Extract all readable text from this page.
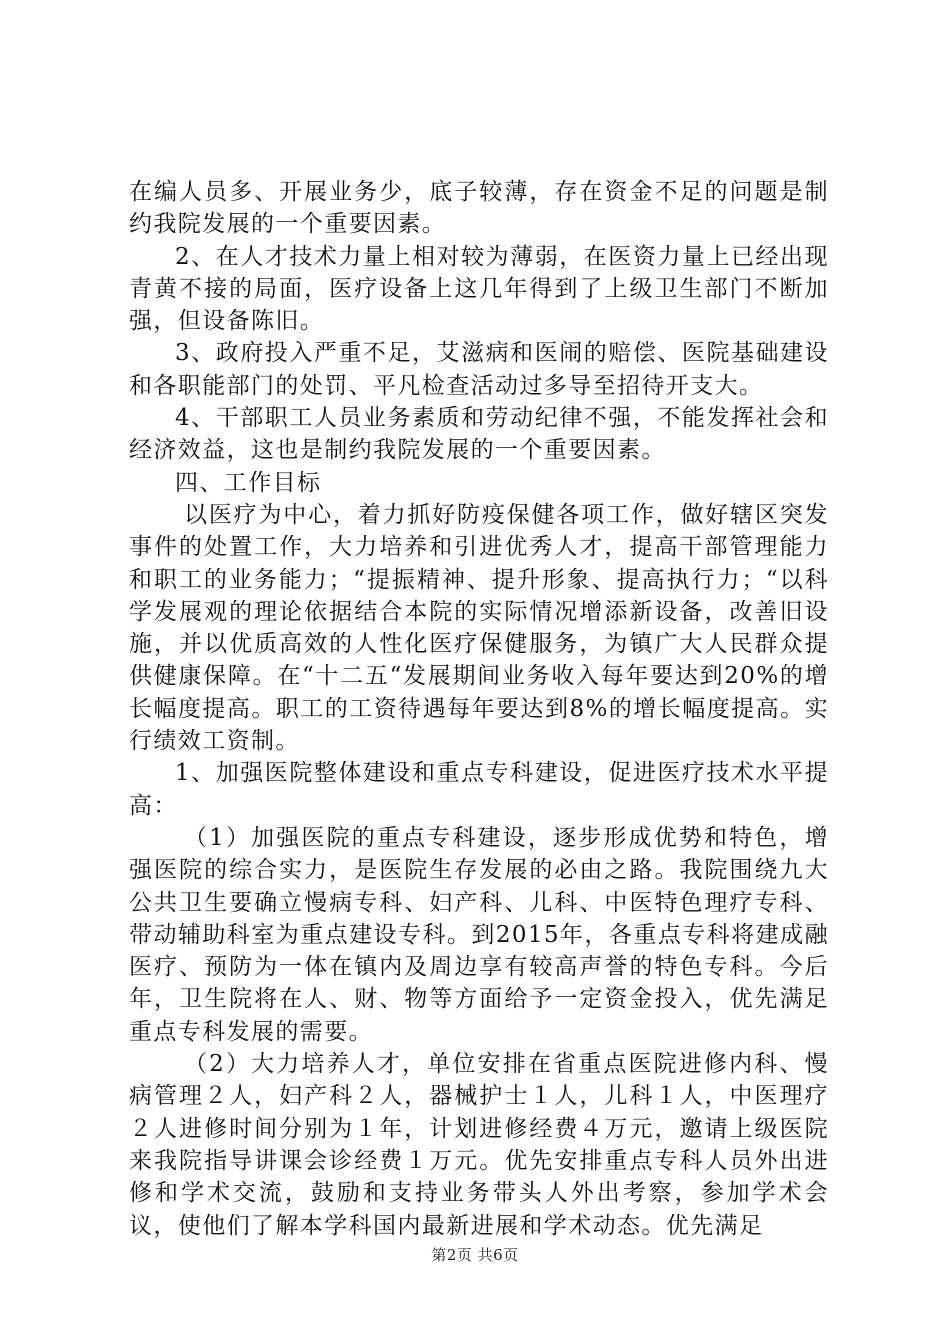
在编人员多、开展业务少，底子较薄，存在资金不足的问题是制约我院发展的一个重要因素。

2、在人才技术力量上相对较为薄弱，在医资力量上已经出现青黄不接的局面，医疗设备上这几年得到了上级卫生部门不断加强，但设备陈旧。

3、政府投入严重不足，艾滋病和医闹的赔偿、医院基础建设和各职能部门的处罚、平凡检查活动过多导至招待开支大。

4、干部职工人员业务素质和劳动纪律不强，不能发挥社会和经济效益，这也是制约我院发展的一个重要因素。

四、工作目标

以医疗为中心，着力抓好防疫保健各项工作，做好辖区突发事件的处置工作，大力培养和引进优秀人才，提高干部管理能力和职工的业务能力；“提振精神、提升形象、提高执行力；“以科学发展观的理论依据结合本院的实际情况增添新设备，改善旧设施，并以优质高效的人性化医疗保健服务，为镇广大人民群众提供健康保障。在“十二五“发展期间业务收入每年要达到20%的增长幅度提高。职工的工资待遇每年要达到8%的增长幅度提高。实行绩效工资制。

1、加强医院整体建设和重点专科建设，促进医疗技术水平提高：

（1）加强医院的重点专科建设，逐步形成优势和特色，增强医院的综合实力，是医院生存发展的必由之路。我院围绕九大公共卫生要确立慢病专科、妇产科、儿科、中医特色理疗专科、带动辅助科室为重点建设专科。到2015年，各重点专科将建成融医疗、预防为一体在镇内及周边享有较高声誉的特色专科。今后年，卫生院将在人、财、物等方面给予一定资金投入，优先满足重点专科发展的需要。

（2）大力培养人才，单位安排在省重点医院进修内科、慢病管理２人，妇产科２人，器械护士１人，儿科１人，中医理疗２人进修时间分别为１年，计划进修经费４万元，邀请上级医院来我院指导讲课会诊经费１万元。优先安排重点专科人员外出进修和学术交流，鼓励和支持业务带头人外出考察，参加学术会议，使他们了解本学科国内最新进展和学术动态。优先满足

第2页 共6页
